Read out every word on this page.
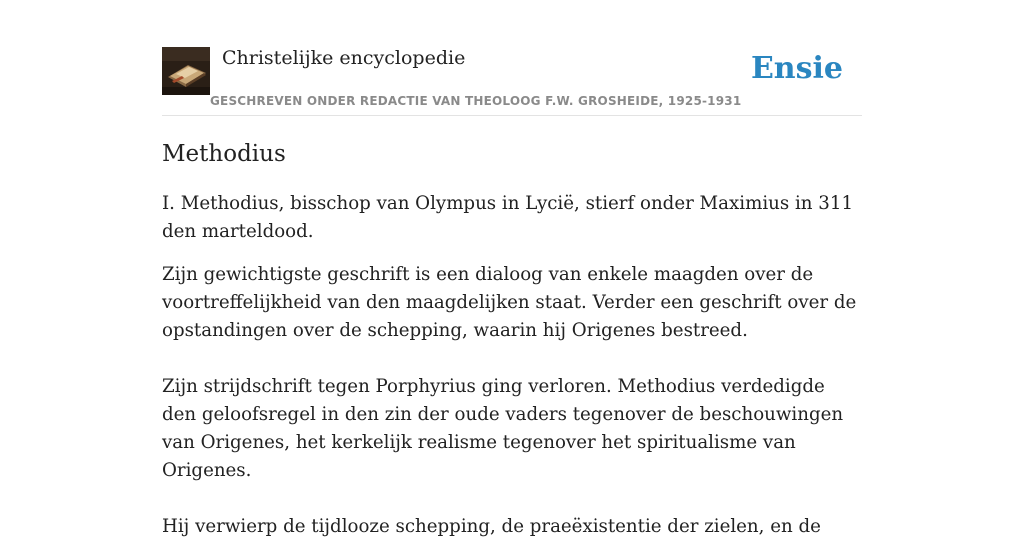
Christelijke encyclopedie	Ensie
GESCHREVEN ONDER REDACTIE VAN THEOLOOG F.W. GROSHEIDE, 1925-1931
Methodius

I. Methodius, bisschop van Olympus in Lycië, stierf onder Maximius in 311 den marteldood.

Zijn gewichtigste geschrift is een dialoog van enkele maagden over de voortreffelijkheid van den maagdelijken staat. Verder een geschrift over de opstandingen over de schepping, waarin hij Origenes bestreed.

Zijn strijdschrift tegen Porphyrius ging verloren. Methodius verdedigde den geloofsregel in den zin der oude vaders tegenover de beschouwingen van Origenes, het kerkelijk realisme tegenover het spiritualisme van Origenes.

Hij verwierp de tijdlooze schepping, de praeëxistentie der zielen, en de
